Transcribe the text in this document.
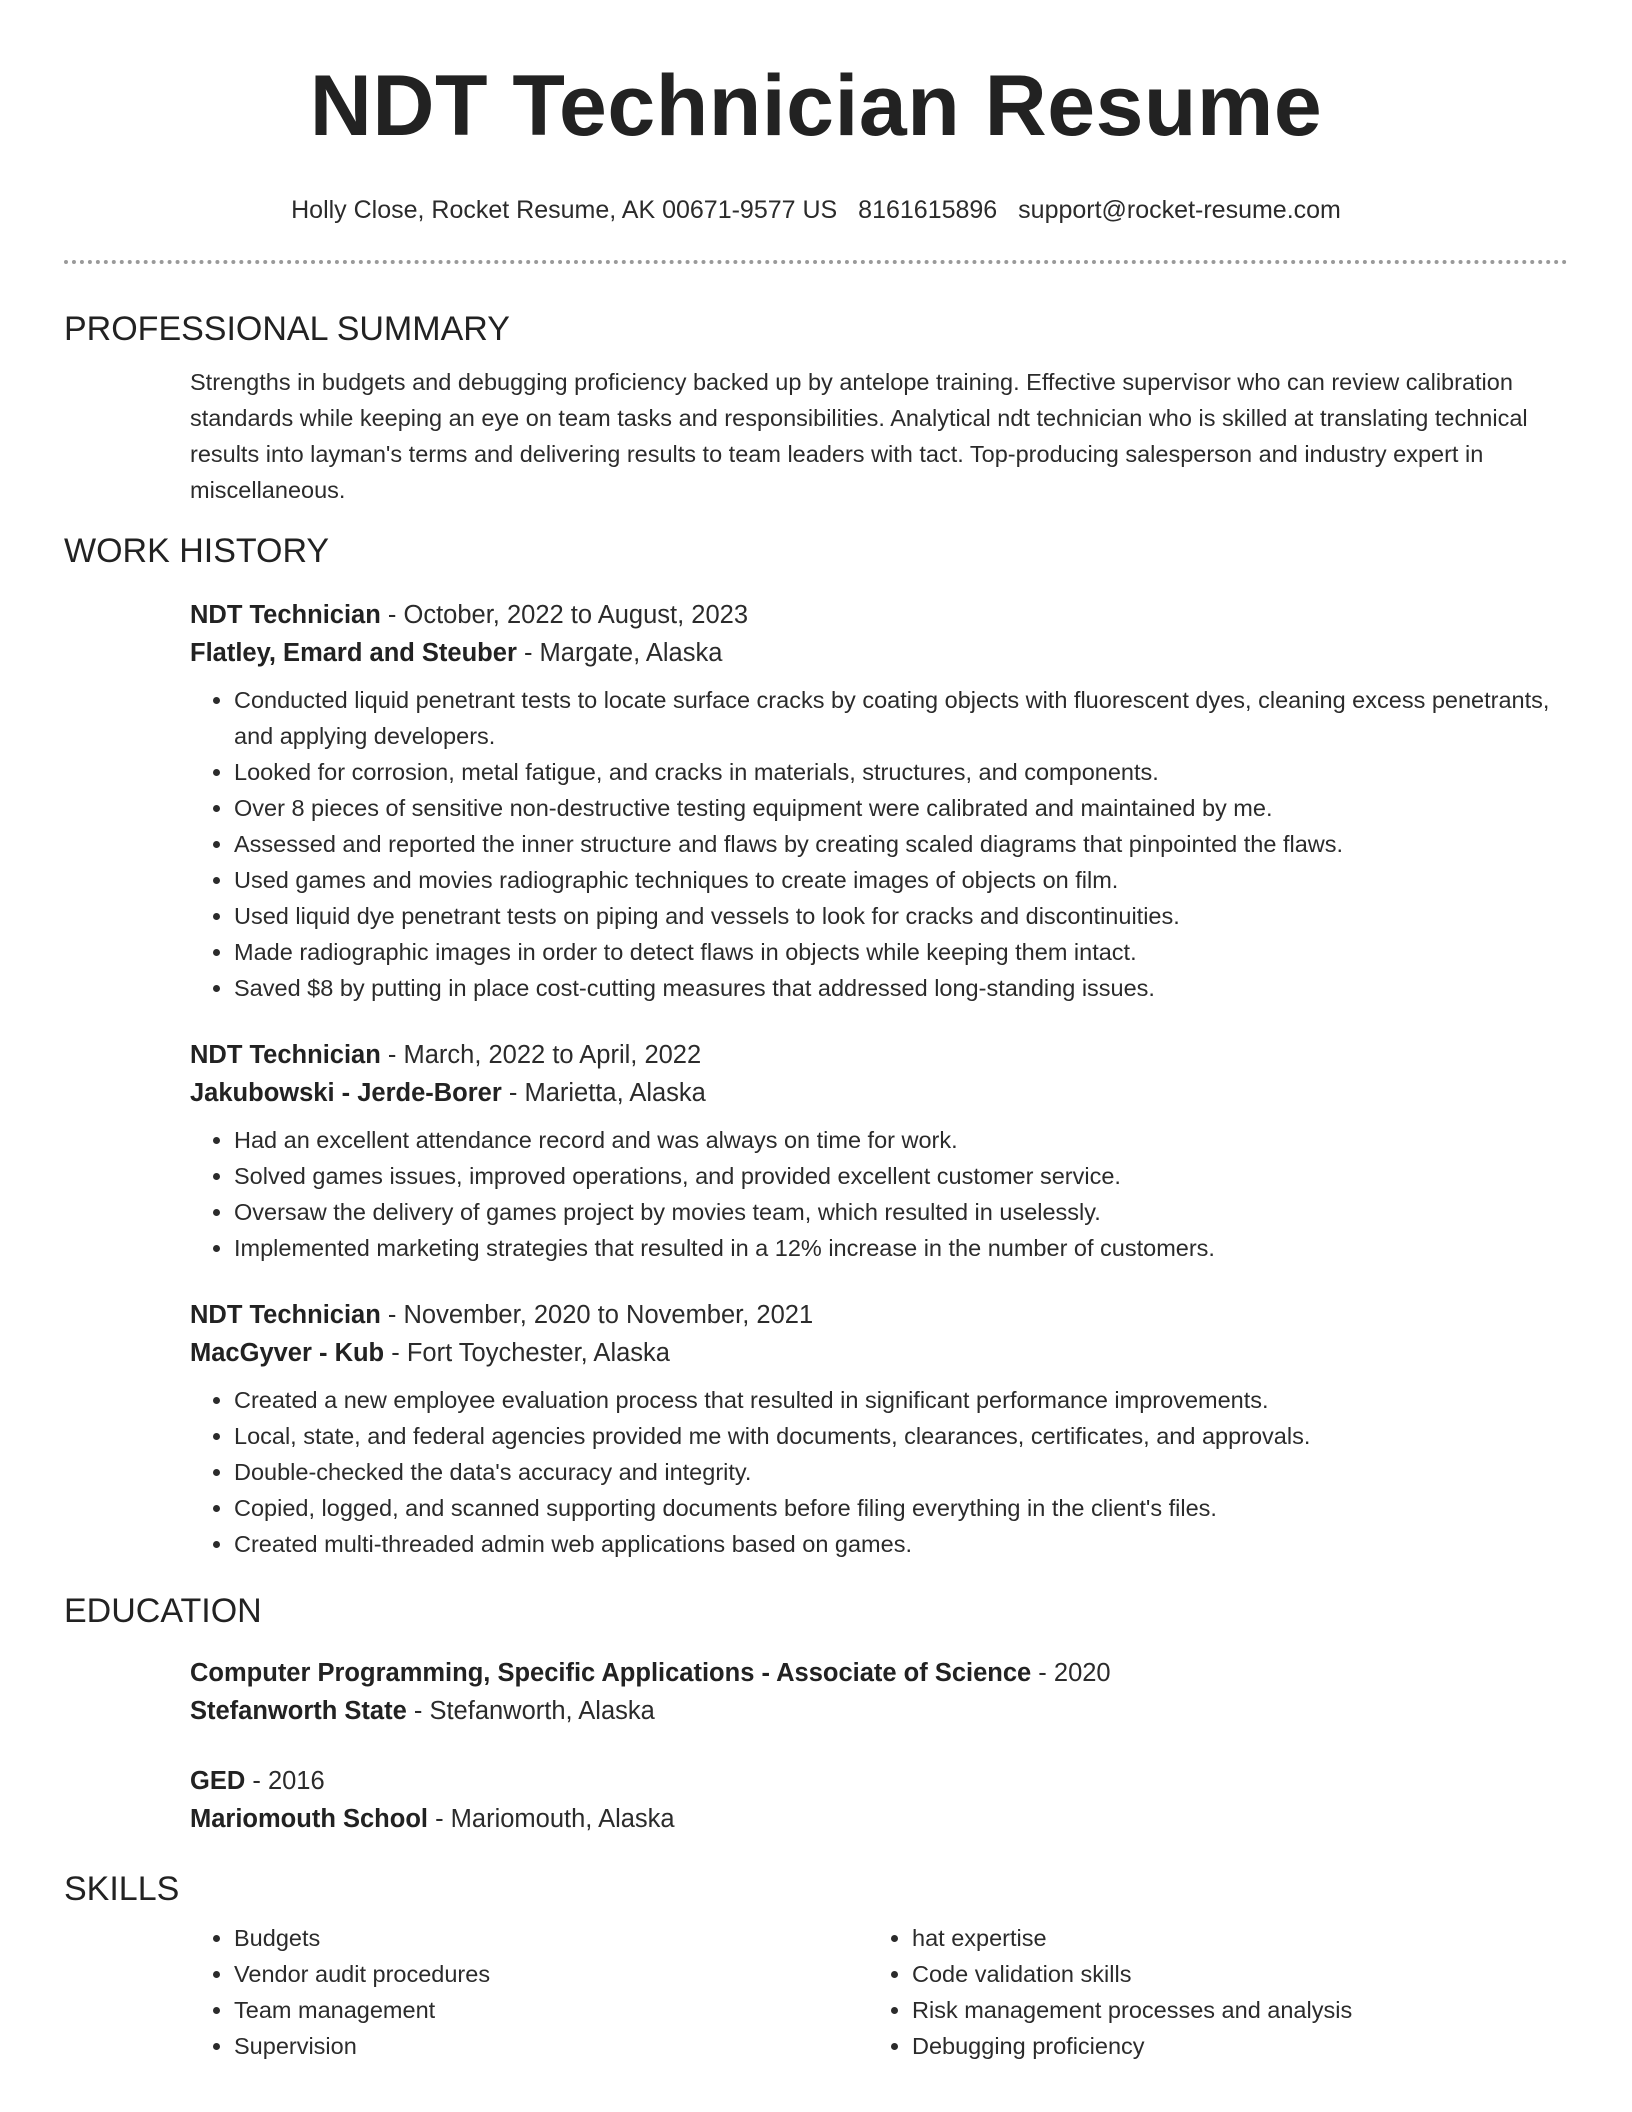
NDT Technician Resume
Holly Close, Rocket Resume, AK 00671-9577 US 8161615896 support@rocket-resume.com
PROFESSIONAL SUMMARY
Strengths in budgets and debugging proficiency backed up by antelope training. Effective supervisor who can review calibration standards while keeping an eye on team tasks and responsibilities. Analytical ndt technician who is skilled at translating technical results into layman's terms and delivering results to team leaders with tact. Top-producing salesperson and industry expert in miscellaneous.
WORK HISTORY
NDT Technician - October, 2022 to August, 2023
Flatley, Emard and Steuber - Margate, Alaska
• Conducted liquid penetrant tests to locate surface cracks by coating objects with fluorescent dyes, cleaning excess penetrants, and applying developers.
• Looked for corrosion, metal fatigue, and cracks in materials, structures, and components.
• Over 8 pieces of sensitive non-destructive testing equipment were calibrated and maintained by me.
• Assessed and reported the inner structure and flaws by creating scaled diagrams that pinpointed the flaws.
• Used games and movies radiographic techniques to create images of objects on film.
• Used liquid dye penetrant tests on piping and vessels to look for cracks and discontinuities.
• Made radiographic images in order to detect flaws in objects while keeping them intact.
• Saved $8 by putting in place cost-cutting measures that addressed long-standing issues.
NDT Technician - March, 2022 to April, 2022
Jakubowski - Jerde-Borer - Marietta, Alaska
• Had an excellent attendance record and was always on time for work.
• Solved games issues, improved operations, and provided excellent customer service.
• Oversaw the delivery of games project by movies team, which resulted in uselessly.
• Implemented marketing strategies that resulted in a 12% increase in the number of customers.
NDT Technician - November, 2020 to November, 2021
MacGyver - Kub - Fort Toychester, Alaska
• Created a new employee evaluation process that resulted in significant performance improvements.
• Local, state, and federal agencies provided me with documents, clearances, certificates, and approvals.
• Double-checked the data's accuracy and integrity.
• Copied, logged, and scanned supporting documents before filing everything in the client's files.
• Created multi-threaded admin web applications based on games.
EDUCATION
Computer Programming, Specific Applications - Associate of Science - 2020
Stefanworth State - Stefanworth, Alaska
GED - 2016
Mariomouth School - Mariomouth, Alaska
SKILLS
• Budgets
• Vendor audit procedures
• Team management
• Supervision
• hat expertise
• Code validation skills
• Risk management processes and analysis
• Debugging proficiency
